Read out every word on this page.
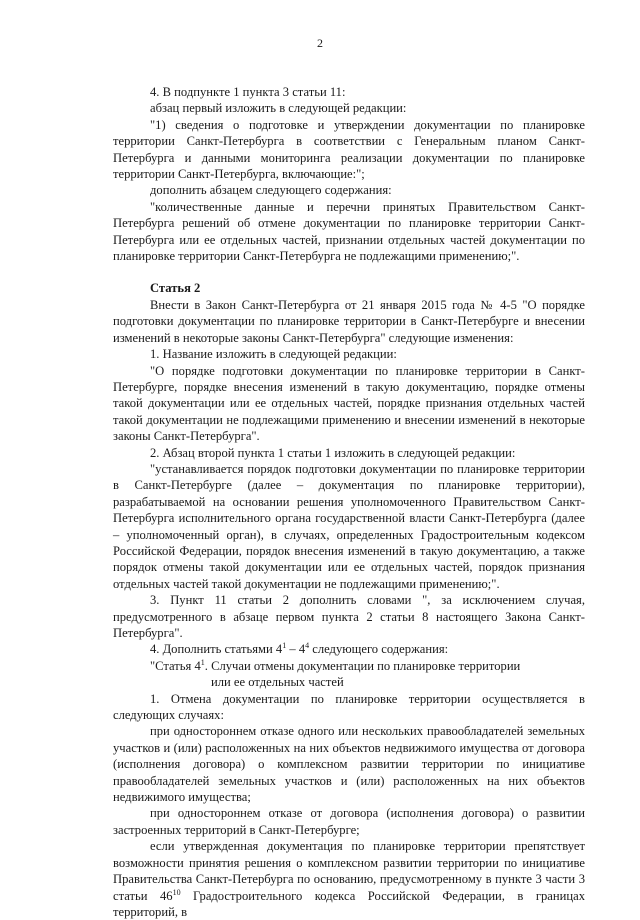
2

4. В подпункте 1 пункта 3 статьи 11:

абзац первый изложить в следующей редакции:

"1) сведения о подготовке и утверждении документации по планировке территории Санкт-Петербурга в соответствии с Генеральным планом Санкт-Петербурга и данными мониторинга реализации документации по планировке территории Санкт-Петербурга, включающие:";

дополнить абзацем следующего содержания:

"количественные данные и перечни принятых Правительством Санкт-Петербурга решений об отмене документации по планировке территории Санкт-Петербурга или ее отдельных частей, признании отдельных частей документации по планировке территории Санкт-Петербурга не подлежащими применению;".

Статья 2

Внести в Закон Санкт-Петербурга от 21 января 2015 года № 4-5 "О порядке подготовки документации по планировке территории в Санкт-Петербурге и внесении изменений в некоторые законы Санкт-Петербурга" следующие изменения:

1. Название изложить в следующей редакции:

"О порядке подготовки документации по планировке территории в Санкт-Петербурге, порядке внесения изменений в такую документацию, порядке отмены такой документации или ее отдельных частей, порядке признания отдельных частей такой документации не подлежащими применению и внесении изменений в некоторые законы Санкт-Петербурга".

2. Абзац второй пункта 1 статьи 1 изложить в следующей редакции:

"устанавливается порядок подготовки документации по планировке территории в Санкт-Петербурге (далее – документация по планировке территории), разрабатываемой на основании решения уполномоченного Правительством Санкт-Петербурга исполнительного органа государственной власти Санкт-Петербурга (далее – уполномоченный орган), в случаях, определенных Градостроительным кодексом Российской Федерации, порядок внесения изменений в такую документацию, а также порядок отмены такой документации или ее отдельных частей, порядок признания отдельных частей такой документации не подлежащими применению;".

3. Пункт 11 статьи 2 дополнить словами ", за исключением случая, предусмотренного в абзаце первом пункта 2 статьи 8 настоящего Закона Санкт-Петербурга".

4. Дополнить статьями $4^1 - 4^4$ следующего содержания:

"Статья $4^1$. Случаи отмены документации по планировке территории

или ее отдельных частей

1. Отмена документации по планировке территории осуществляется в следующих случаях:

при одностороннем отказе одного или нескольких правообладателей земельных участков и (или) расположенных на них объектов недвижимого имущества от договора (исполнения договора) о комплексном развитии территории по инициативе правообладателей земельных участков и (или) расположенных на них объектов недвижимого имущества;

при одностороннем отказе от договора (исполнения договора) о развитии застроенных территорий в Санкт-Петербурге;

если утвержденная документация по планировке территории препятствует возможности принятия решения о комплексном развитии территории по инициативе Правительства Санкт-Петербурга по основанию, предусмотренному в пункте 3 части 3 статьи $46^{10}$ Градостроительного кодекса Российской Федерации, в границах территорий, в
